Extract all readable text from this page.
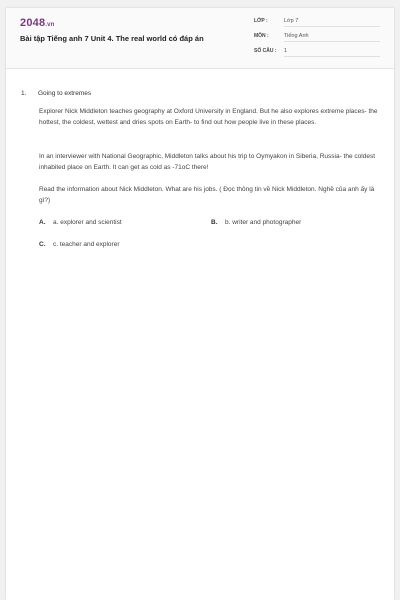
2048.vn
Bài tập Tiếng anh 7 Unit 4. The real world có đáp án
LỚP :	Lớp 7
MÔN :	Tiếng Anh
SỐ CÂU : 1
1. Going to extremes

Explorer Nick Middleton teaches geography at Oxford University in England. But he also explores extreme places- the hottest, the coldest, wettest and dries spots on Earth- to find out how people live in these places.

In an interviewer with National Geographic, Middleton talks about his trip to Oymyakon in Siberia, Russia- the coldest inhabited place on Earth. It can get as cold as -71oC there!

Read the information about Nick Middleton. What are his jobs. ( Đọc thông tin về Nick Middleton. Nghề của anh ấy là gì?)

A. a. explorer and scientist	B. b. writer and photographer
C. c. teacher and explorer
